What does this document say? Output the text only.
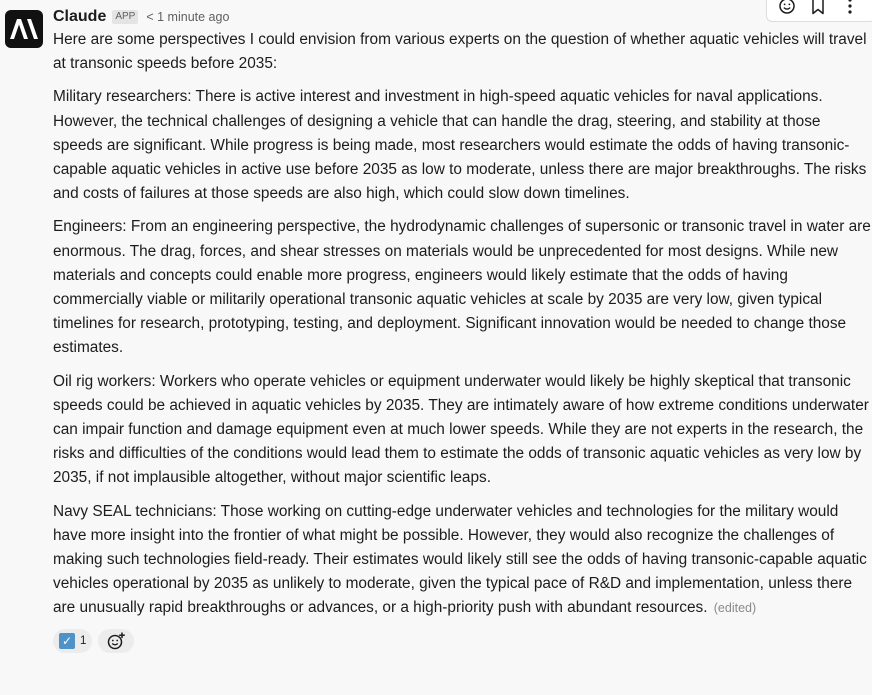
Claude APP < 1 minute ago

Here are some perspectives I could envision from various experts on the question of whether aquatic vehicles will travel at transonic speeds before 2035:

Military researchers: There is active interest and investment in high-speed aquatic vehicles for naval applications. However, the technical challenges of designing a vehicle that can handle the drag, steering, and stability at those speeds are significant. While progress is being made, most researchers would estimate the odds of having transonic-capable aquatic vehicles in active use before 2035 as low to moderate, unless there are major breakthroughs. The risks and costs of failures at those speeds are also high, which could slow down timelines.

Engineers: From an engineering perspective, the hydrodynamic challenges of supersonic or transonic travel in water are enormous. The drag, forces, and shear stresses on materials would be unprecedented for most designs. While new materials and concepts could enable more progress, engineers would likely estimate that the odds of having commercially viable or militarily operational transonic aquatic vehicles at scale by 2035 are very low, given typical timelines for research, prototyping, testing, and deployment. Significant innovation would be needed to change those estimates.

Oil rig workers: Workers who operate vehicles or equipment underwater would likely be highly skeptical that transonic speeds could be achieved in aquatic vehicles by 2035. They are intimately aware of how extreme conditions underwater can impair function and damage equipment even at much lower speeds. While they are not experts in the research, the risks and difficulties of the conditions would lead them to estimate the odds of transonic aquatic vehicles as very low by 2035, if not implausible altogether, without major scientific leaps.

Navy SEAL technicians: Those working on cutting-edge underwater vehicles and technologies for the military would have more insight into the frontier of what might be possible. However, they would also recognize the challenges of making such technologies field-ready. Their estimates would likely still see the odds of having transonic-capable aquatic vehicles operational by 2035 as unlikely to moderate, given the typical pace of R&D and implementation, unless there are unusually rapid breakthroughs or advances, or a high-priority push with abundant resources. (edited)

✓ 1
